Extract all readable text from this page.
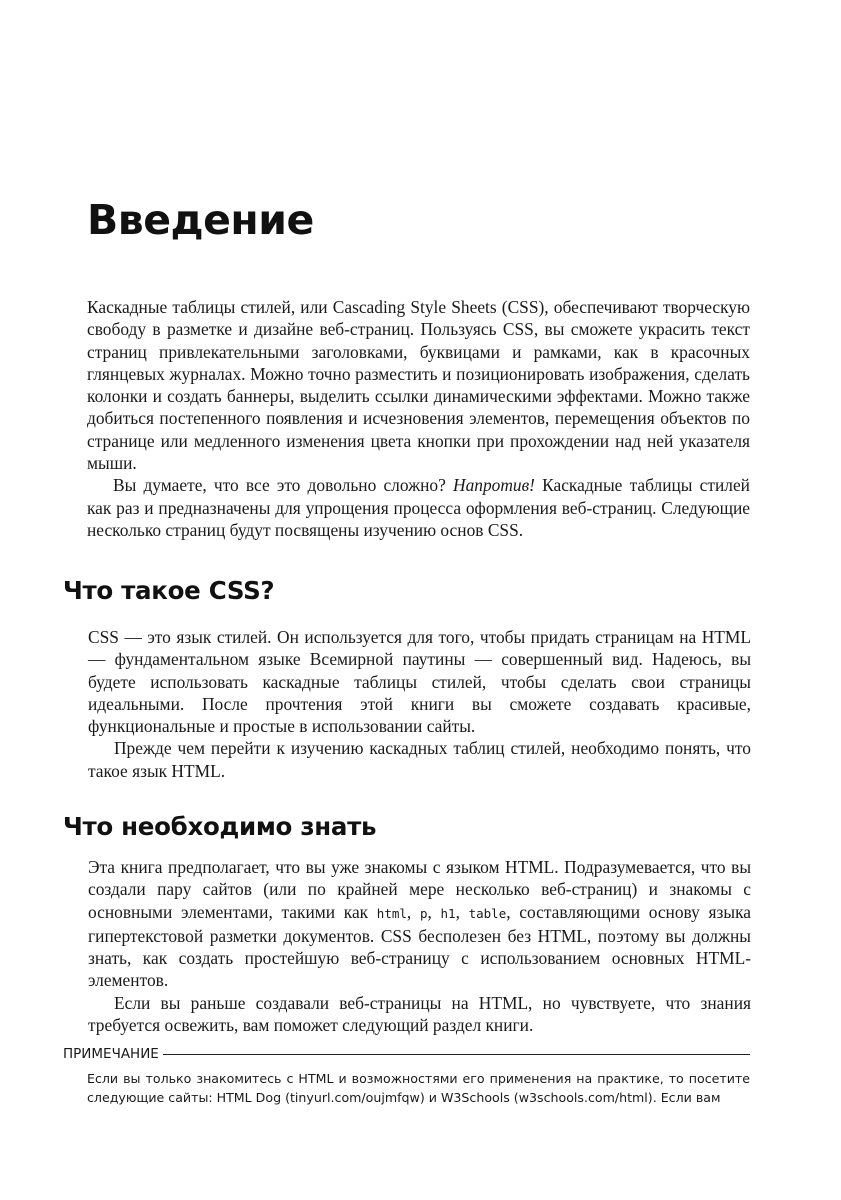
Введение

Каскадные таблицы стилей, или Cascading Style Sheets (CSS), обеспечивают творческую свободу в разметке и дизайне веб-страниц. Пользуясь CSS, вы сможете украсить текст страниц привлекательными заголовками, буквицами и рамками, как в красочных глянцевых журналах. Можно точно разместить и позиционировать изображения, сделать колонки и создать баннеры, выделить ссылки динамическими эффектами. Можно также добиться постепенного появления и исчезновения элементов, перемещения объектов по странице или медленного изменения цвета кнопки при прохождении над ней указателя мыши.

Вы думаете, что все это довольно сложно? Напротив! Каскадные таблицы стилей как раз и предназначены для упрощения процесса оформления веб-страниц. Следующие несколько страниц будут посвящены изучению основ CSS.

Что такое CSS?

CSS — это язык стилей. Он используется для того, чтобы придать страницам на HTML — фундаментальном языке Всемирной паутины — совершенный вид. Надеюсь, вы будете использовать каскадные таблицы стилей, чтобы сделать свои страницы идеальными. После прочтения этой книги вы сможете создавать красивые, функциональные и простые в использовании сайты.

Прежде чем перейти к изучению каскадных таблиц стилей, необходимо понять, что такое язык HTML.

Что необходимо знать

Эта книга предполагает, что вы уже знакомы с языком HTML. Подразумевается, что вы создали пару сайтов (или по крайней мере несколько веб-страниц) и знакомы с основными элементами, такими как html, p, h1, table, составляющими основу языка гипертекстовой разметки документов. CSS бесполезен без HTML, поэтому вы должны знать, как создать простейшую веб-страницу с использованием основных HTML-элементов.

Если вы раньше создавали веб-страницы на HTML, но чувствуете, что знания требуется освежить, вам поможет следующий раздел книги.

ПРИМЕЧАНИЕ
Если вы только знакомитесь с HTML и возможностями его применения на практике, то посетите следующие сайты: HTML Dog (tinyurl.com/oujmfqw) и W3Schools (w3schools.com/html). Если вам
